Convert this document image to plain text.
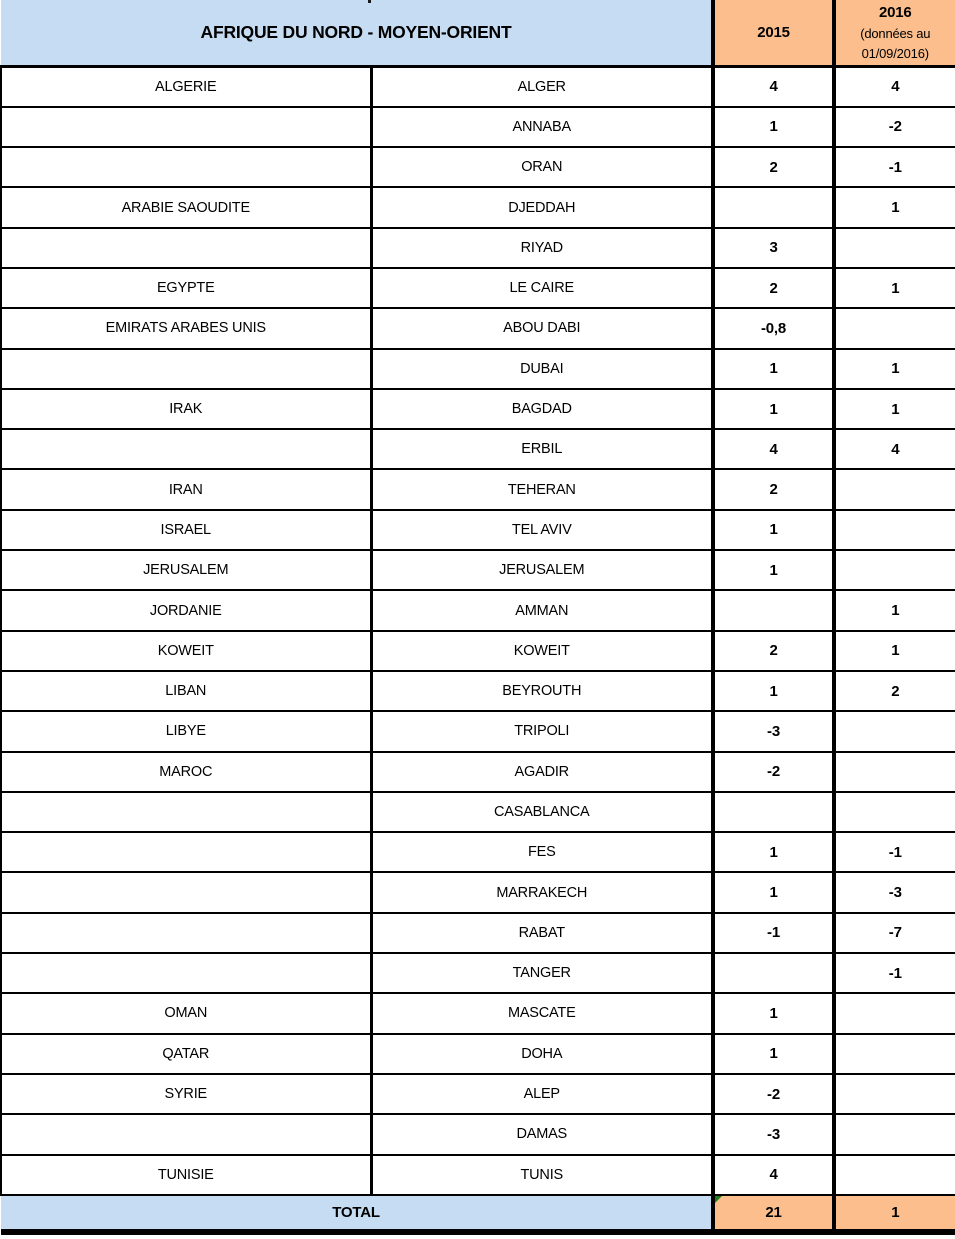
AFRIQUE DU NORD - MOYEN-ORIENT		2015	2016
(données au
01/09/2016)

ALGERIE	ALGER	4	4
	ANNABA	1	-2
	ORAN	2	-1
ARABIE SAOUDITE	DJEDDAH		1
	RIYAD	3	
EGYPTE	LE CAIRE	2	1
EMIRATS ARABES UNIS	ABOU DABI	-0,8	
	DUBAI	1	1
IRAK	BAGDAD	1	1
	ERBIL	4	4
IRAN	TEHERAN	2	
ISRAEL	TEL AVIV	1	
JERUSALEM	JERUSALEM	1	
JORDANIE	AMMAN		1
KOWEIT	KOWEIT	2	1
LIBAN	BEYROUTH	1	2
LIBYE	TRIPOLI	-3	
MAROC	AGADIR	-2	
	CASABLANCA		
	FES	1	-1
	MARRAKECH	1	-3
	RABAT	-1	-7
	TANGER		-1
OMAN	MASCATE	1	
QATAR	DOHA	1	
SYRIE	ALEP	-2	
	DAMAS	-3	
TUNISIE	TUNIS	4	
TOTAL		21	1
